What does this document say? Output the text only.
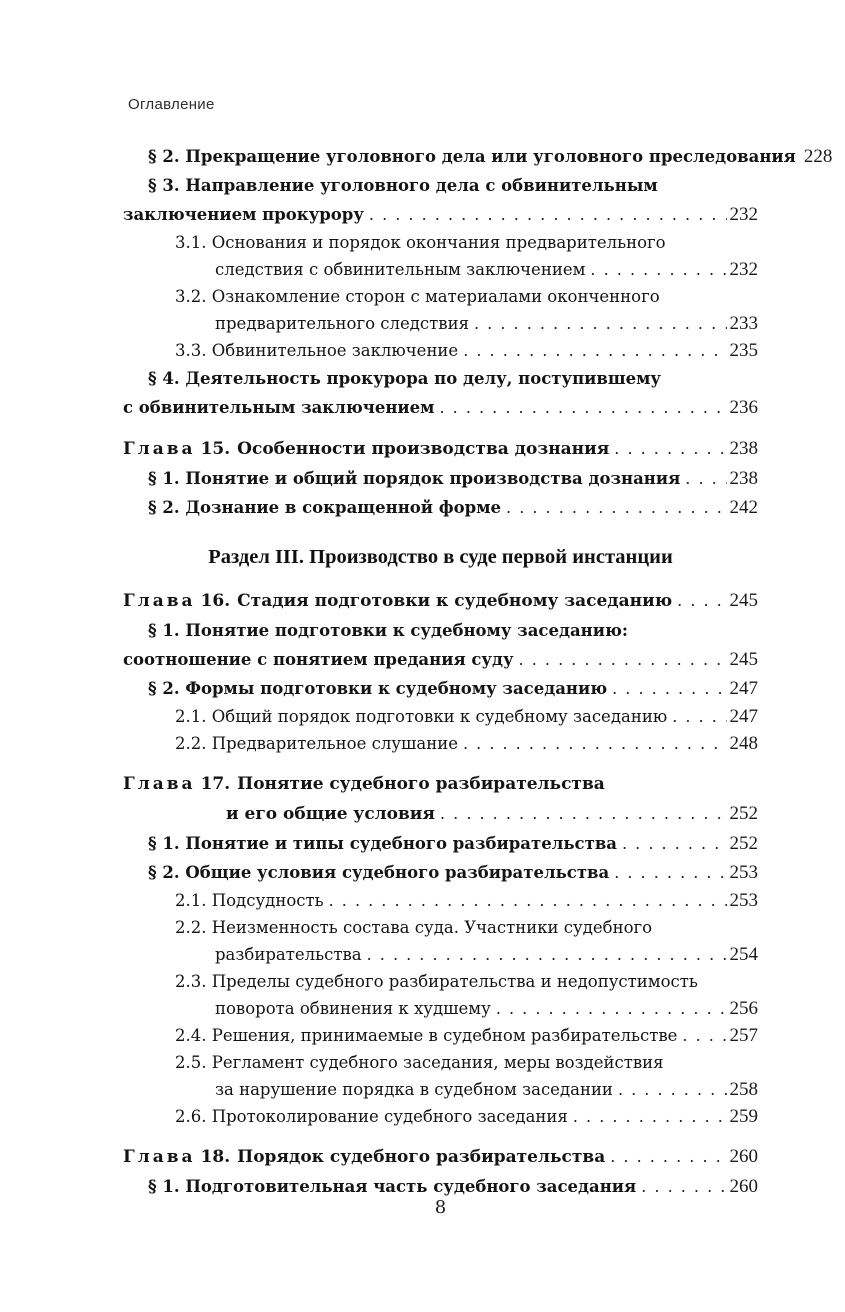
Оглавление
§ 2. Прекращение уголовного дела или уголовного преследования 228
§ 3. Направление уголовного дела с обвинительным
заключением прокурору . . .	232
3.1. Основания и порядок окончания предварительного
следствия с обвинительным заключением . . .	232
3.2. Ознакомление сторон с материалами оконченного
предварительного следствия . . .	233
3.3. Обвинительное заключение . . .	235
§ 4. Деятельность прокурора по делу, поступившему
с обвинительным заключением . . .	236
Глава 15. Особенности производства дознания . . .	238
§ 1. Понятие и общий порядок производства дознания . . .	238
§ 2. Дознание в сокращенной форме . . .	242
Раздел III. Производство в суде первой инстанции
Глава 16. Стадия подготовки к судебному заседанию . . .	245
§ 1. Понятие подготовки к судебному заседанию:
соотношение с понятием предания суду . . .	245
§ 2. Формы подготовки к судебному заседанию . . .	247
2.1. Общий порядок подготовки к судебному заседанию . . .	247
2.2. Предварительное слушание . . .	248
Глава 17. Понятие судебного разбирательства
и его общие условия . . .	252
§ 1. Понятие и типы судебного разбирательства . . .	252
§ 2. Общие условия судебного разбирательства . . .	253
2.1. Подсудность . . .	253
2.2. Неизменность состава суда. Участники судебного
разбирательства . . .	254
2.3. Пределы судебного разбирательства и недопустимость
поворота обвинения к худшему . . .	256
2.4. Решения, принимаемые в судебном разбирательстве . . .	257
2.5. Регламент судебного заседания, меры воздействия
за нарушение порядка в судебном заседании . . .	258
2.6. Протоколирование судебного заседания . . .	259
Глава 18. Порядок судебного разбирательства . . .	260
§ 1. Подготовительная часть судебного заседания . . .	260
8
